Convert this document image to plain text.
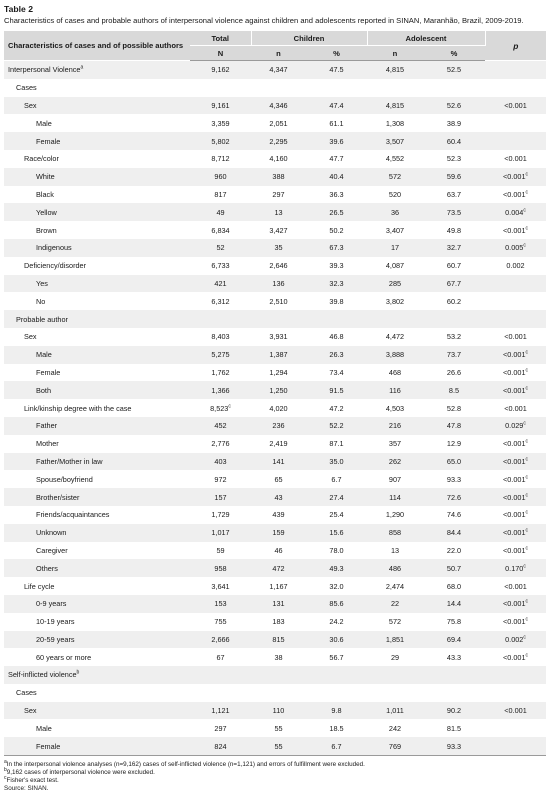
Table 2
Characteristics of cases and probable authors of interpersonal violence against children and adolescents reported in SINAN, Maranhão, Brazil, 2009-2019.
Characteristics of cases and of possible authors	Total	Children		Adolescent		p
	N	n	%	n	%	
Interpersonal Violence$^a$	9,162	4,347	47.5	4,815	52.5	
Cases						
Sex	9,161	4,346	47.4	4,815	52.6	<0.001
Male	3,359	2,051	61.1	1,308	38.9	
Female	5,802	2,295	39.6	3,507	60.4	
Race/color	8,712	4,160	47.7	4,552	52.3	<0.001
White	960	388	40.4	572	59.6	<0.001$^c$
Black	817	297	36.3	520	63.7	<0.001$^c$
Yellow	49	13	26.5	36	73.5	0.004$^c$
Brown	6,834	3,427	50.2	3,407	49.8	<0.001$^c$
Indigenous	52	35	67.3	17	32.7	0.005$^c$
Deficiency/disorder	6,733	2,646	39.3	4,087	60.7	0.002
Yes	421	136	32.3	285	67.7	
No	6,312	2,510	39.8	3,802	60.2	
Probable author						
Sex	8,403	3,931	46.8	4,472	53.2	<0.001
Male	5,275	1,387	26.3	3,888	73.7	<0.001$^c$
Female	1,762	1,294	73.4	468	26.6	<0.001$^c$
Both	1,366	1,250	91.5	116	8.5	<0.001$^c$
Link/kinship degree with the case	8,523$^c$	4,020	47.2	4,503	52.8	<0.001
Father	452	236	52.2	216	47.8	0.029$^c$
Mother	2,776	2,419	87.1	357	12.9	<0.001$^c$
Father/Mother in law	403	141	35.0	262	65.0	<0.001$^c$
Spouse/boyfriend	972	65	6.7	907	93.3	<0.001$^c$
Brother/sister	157	43	27.4	114	72.6	<0.001$^c$
Friends/acquaintances	1,729	439	25.4	1,290	74.6	<0.001$^c$
Unknown	1,017	159	15.6	858	84.4	<0.001$^c$
Caregiver	59	46	78.0	13	22.0	<0.001$^c$
Others	958	472	49.3	486	50.7	0.170$^c$
Life cycle	3,641	1,167	32.0	2,474	68.0	<0.001
0-9 years	153	131	85.6	22	14.4	<0.001$^c$
10-19 years	755	183	24.2	572	75.8	<0.001$^c$
20-59 years	2,666	815	30.6	1,851	69.4	0.002$^c$
60 years or more	67	38	56.7	29	43.3	<0.001$^c$
Self-inflicted violence$^b$						
Cases						
Sex	1,121	110	9.8	1,011	90.2	<0.001
Male	297	55	18.5	242	81.5	
Female	824	55	6.7	769	93.3	
$^a$In the interpersonal violence analyses (n=9,162) cases of self-inflicted violence (n=1,121) and errors of fulfillment were excluded.
$^b$9,162 cases of interpersonal violence were excluded.
$^c$Fisher's exact test.
Source: SINAN.
